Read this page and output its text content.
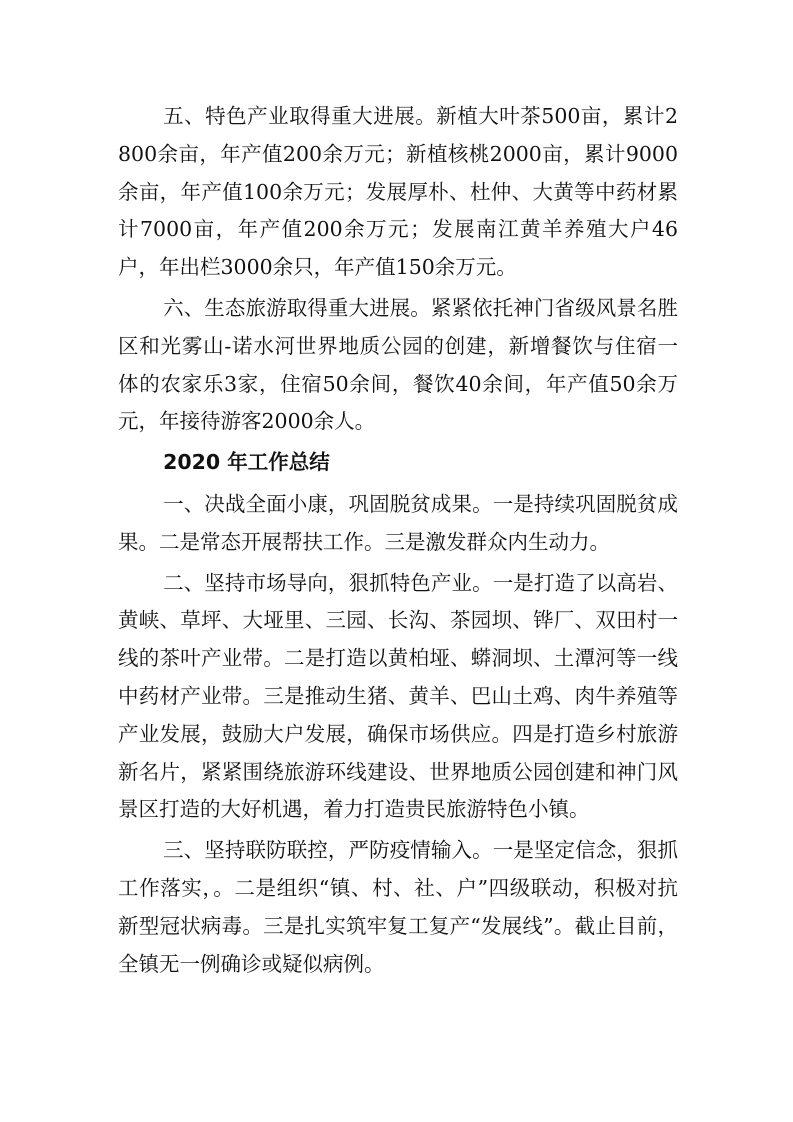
五、特色产业取得重大进展。新植大叶茶500亩，累计2800余亩，年产值200余万元；新植核桃2000亩，累计9000余亩，年产值100余万元；发展厚朴、杜仲、大黄等中药材累计7000亩，年产值200余万元；发展南江黄羊养殖大户46户，年出栏3000余只，年产值150余万元。

六、生态旅游取得重大进展。紧紧依托神门省级风景名胜区和光雾山-诺水河世界地质公园的创建，新增餐饮与住宿一体的农家乐3家，住宿50余间，餐饮40余间，年产值50余万元，年接待游客2000余人。

2020 年工作总结

一、决战全面小康，巩固脱贫成果。一是持续巩固脱贫成果。二是常态开展帮扶工作。三是激发群众内生动力。

二、坚持市场导向，狠抓特色产业。一是打造了以高岩、黄峡、草坪、大垭里、三园、长沟、茶园坝、铧厂、双田村一线的茶叶产业带。二是打造以黄柏垭、蟒洞坝、土潭河等一线中药材产业带。三是推动生猪、黄羊、巴山土鸡、肉牛养殖等产业发展，鼓励大户发展，确保市场供应。四是打造乡村旅游新名片，紧紧围绕旅游环线建设、世界地质公园创建和神门风景区打造的大好机遇，着力打造贵民旅游特色小镇。

三、坚持联防联控，严防疫情输入。一是坚定信念，狠抓工作落实，。二是组织“镇、村、社、户”四级联动，积极对抗新型冠状病毒。三是扎实筑牢复工复产“发展线”。截止目前，全镇无一例确诊或疑似病例。
